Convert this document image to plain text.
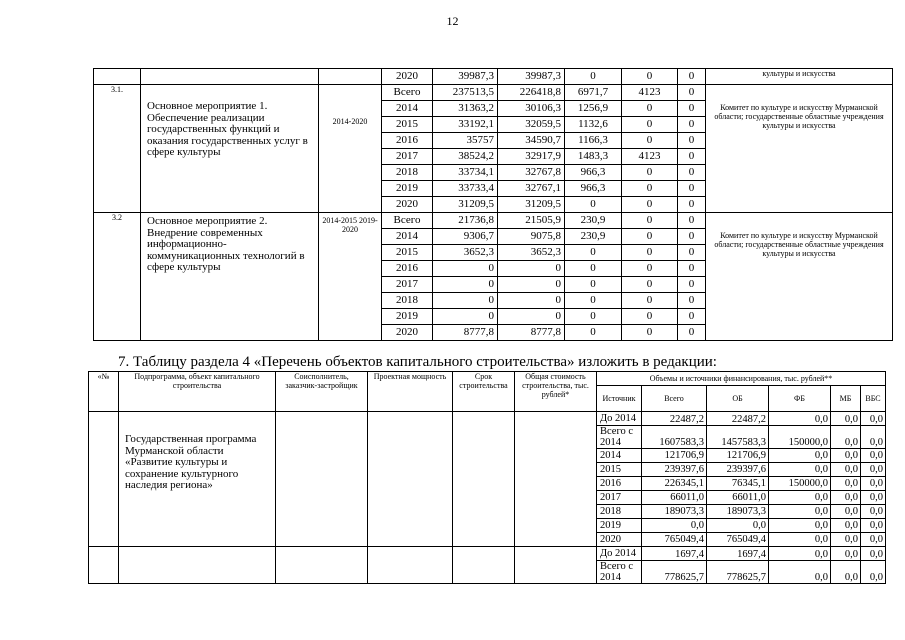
12
			2020	39987,3	39987,3	0	0	0	культуры и искусства
3.1.	Основное мероприятие 1. Обеспечение реализации государственных функций и оказания государственных услуг в сфере культуры	2014-2020	Всего	237513,5	226418,8	6971,7	4123	0	Комитет по культуре и искусству Мурманской области; государственные областные учреждения культуры и искусства
			2014	31363,2	30106,3	1256,9	0	0	
			2015	33192,1	32059,5	1132,6	0	0	
			2016	35757	34590,7	1166,3	0	0	
			2017	38524,2	32917,9	1483,3	4123	0	
			2018	33734,1	32767,8	966,3	0	0	
			2019	33733,4	32767,1	966,3	0	0	
			2020	31209,5	31209,5	0	0	0	
3.2	Основное мероприятие 2. Внедрение современных информационно-коммуникационных технологий в сфере культуры	2014-2015 2019-2020	Всего	21736,8	21505,9	230,9	0	0	Комитет по культуре и искусству Мурманской области; государственные областные учреждения культуры и искусства
			2014	9306,7	9075,8	230,9	0	0	
			2015	3652,3	3652,3	0	0	0	
			2016	0	0	0	0	0	
			2017	0	0	0	0	0	
			2018	0	0	0	0	0	
			2019	0	0	0	0	0	
			2020	8777,8	8777,8	0	0	0	
7. Таблицу раздела 4 «Перечень объектов капитального строительства» изложить в редакции:
«№	Подпрограмма, объект капитального строительства	Соисполнитель, заказчик-застройщик	Проектная мощность	Срок строительства	Общая стоимость строительства, тыс. рублей*	Объемы и источники финансирования, тыс. рублей**					
						Источник	Всего	ОБ	ФБ	МБ	ВБС
	Государственная программа Мурманской области «Развитие культуры и сохранение культурного наследия региона»					До 2014	22487,2	22487,2	0,0	0,0	0,0
						Всего с 2014	1607583,3	1457583,3	150000,0	0,0	0,0
						2014	121706,9	121706,9	0,0	0,0	0,0
						2015	239397,6	239397,6	0,0	0,0	0,0
						2016	226345,1	76345,1	150000,0	0,0	0,0
						2017	66011,0	66011,0	0,0	0,0	0,0
						2018	189073,3	189073,3	0,0	0,0	0,0
						2019	0,0	0,0	0,0	0,0	0,0
						2020	765049,4	765049,4	0,0	0,0	0,0
						До 2014	1697,4	1697,4	0,0	0,0	0,0
						Всего с 2014	778625,7	778625,7	0,0	0,0	0,0
